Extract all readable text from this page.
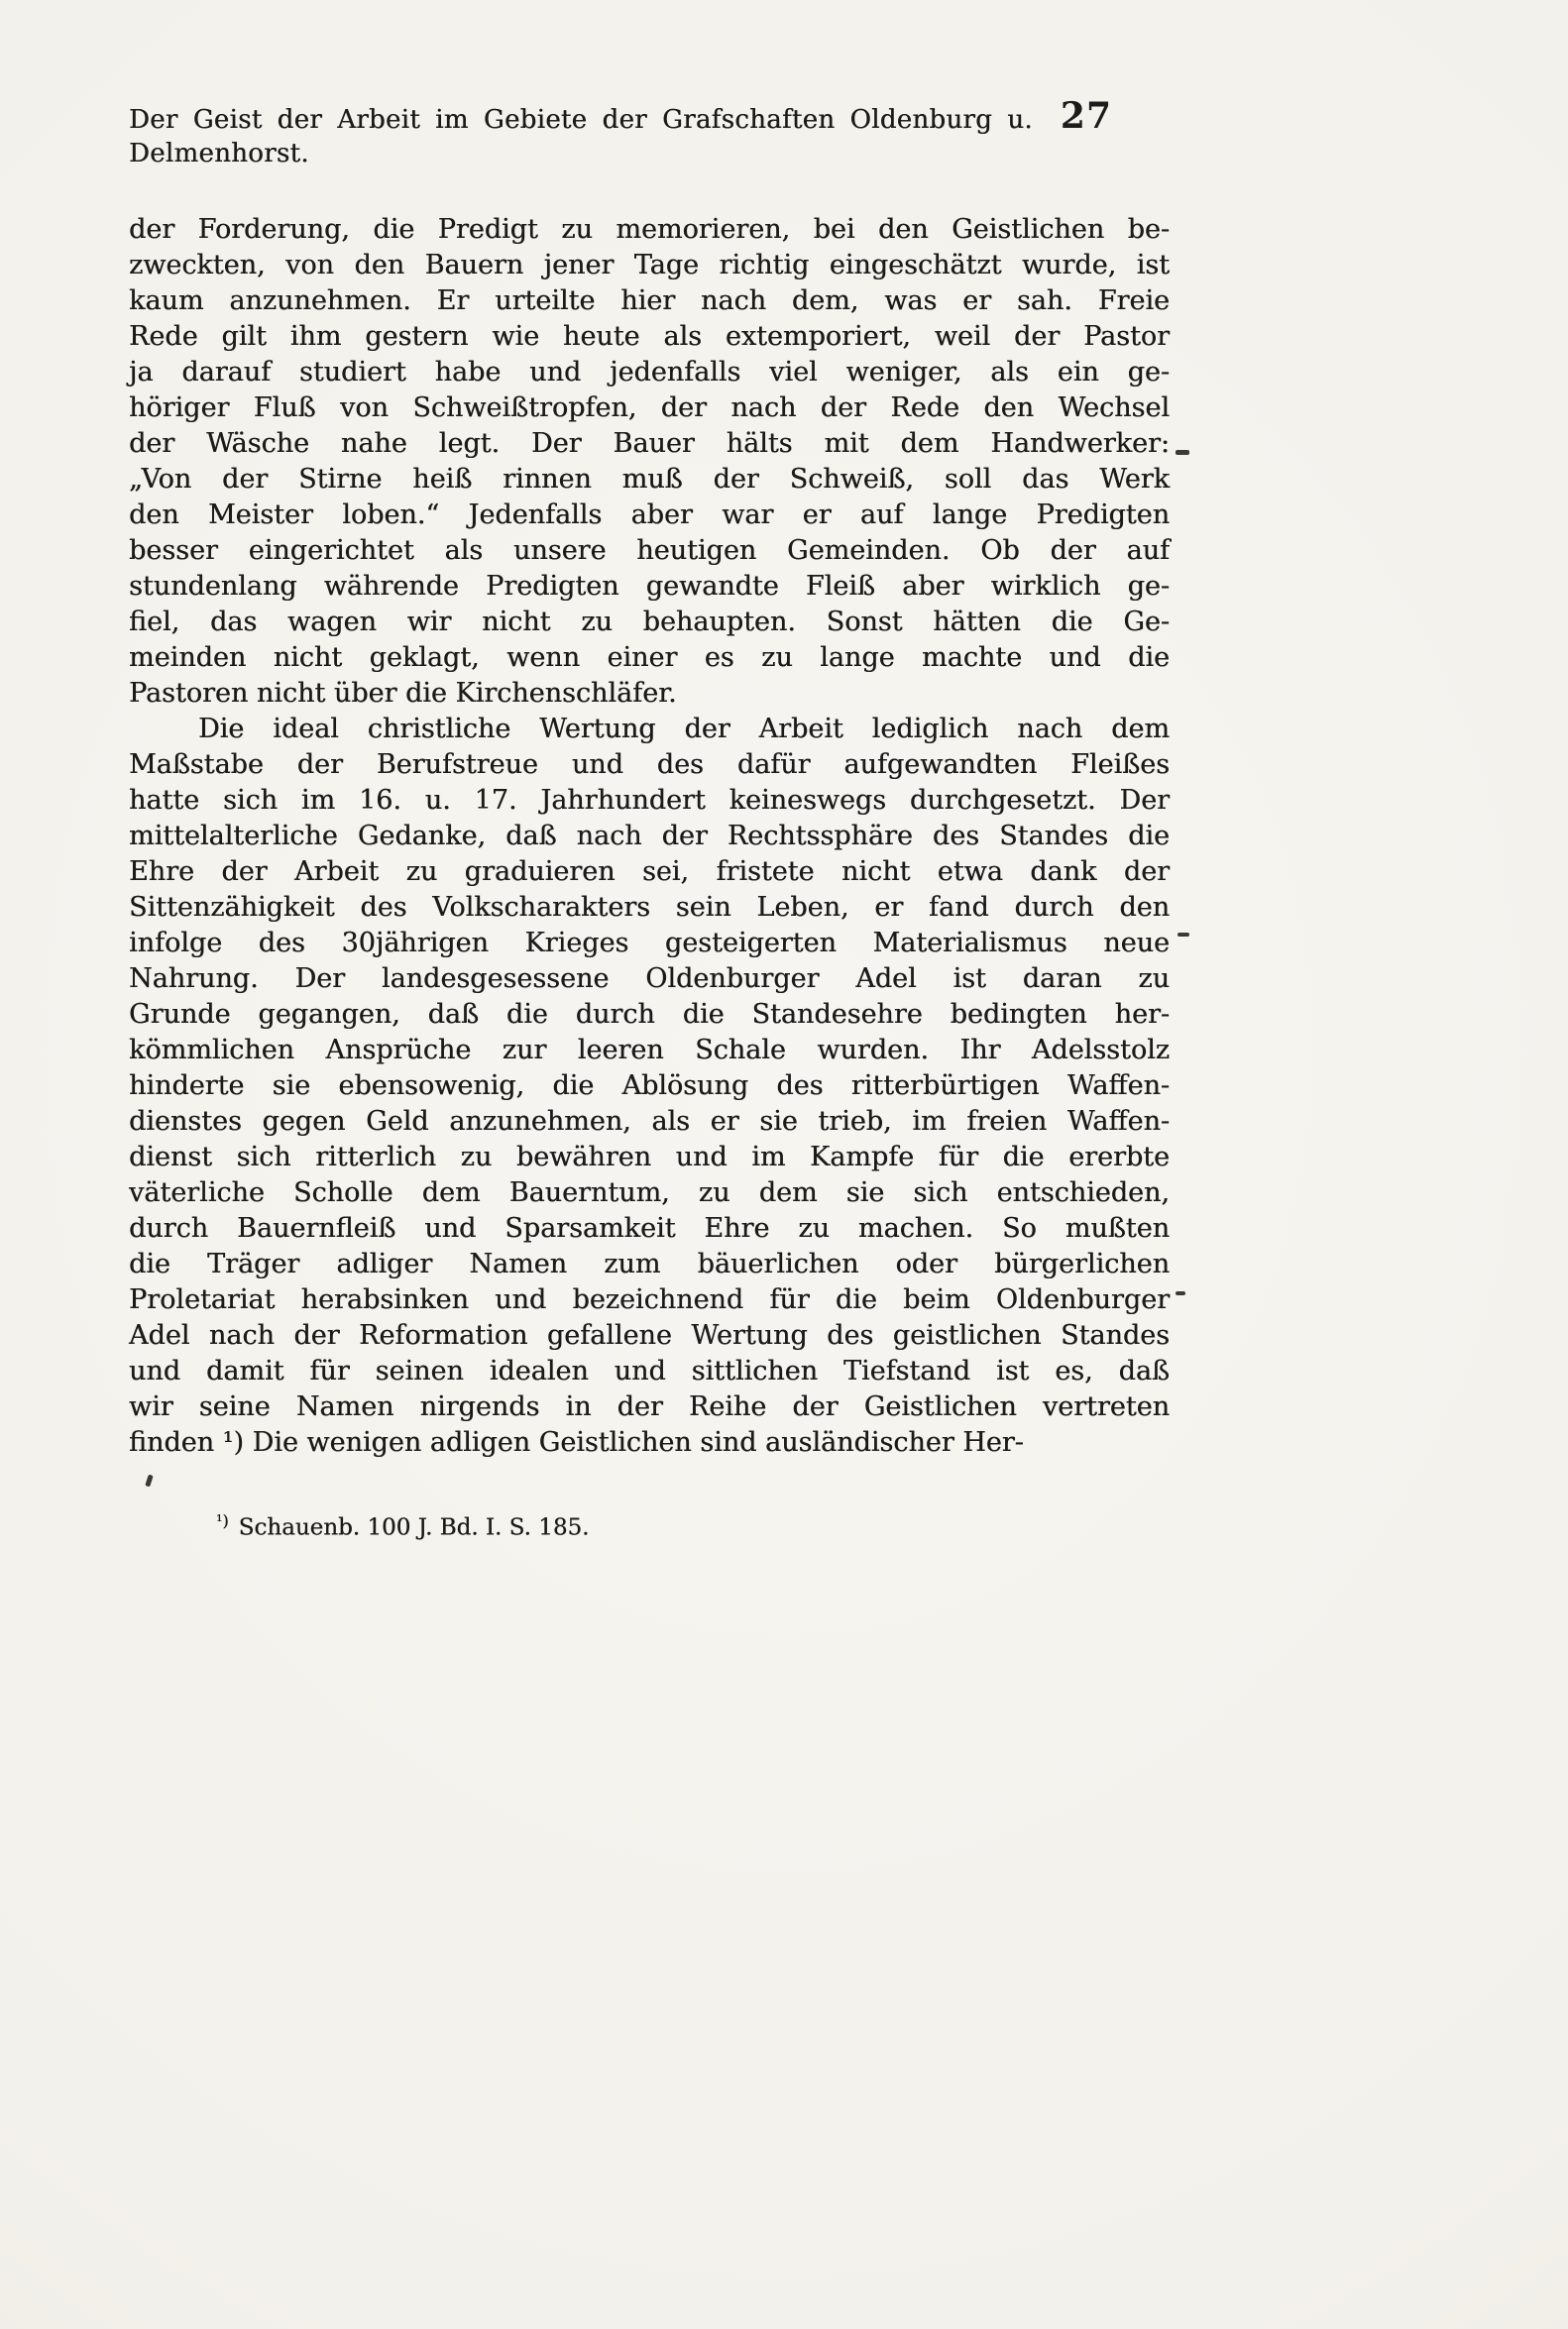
Der Geist der Arbeit im Gebiete der Grafschaften Oldenburg u. Delmenhorst.
27
der Forderung, die Predigt zu memorieren, bei den Geistlichen be-
zweckten, von den Bauern jener Tage richtig eingeschätzt wurde, ist
kaum anzunehmen. Er urteilte hier nach dem, was er sah. Freie
Rede gilt ihm gestern wie heute als extemporiert, weil der Pastor
ja darauf studiert habe und jedenfalls viel weniger, als ein ge-
höriger Fluß von Schweißtropfen, der nach der Rede den Wechsel
der Wäsche nahe legt. Der Bauer hälts mit dem Handwerker:
„Von der Stirne heiß rinnen muß der Schweiß, soll das Werk
den Meister loben.“ Jedenfalls aber war er auf lange Predigten
besser eingerichtet als unsere heutigen Gemeinden. Ob der auf
stundenlang währende Predigten gewandte Fleiß aber wirklich ge-
fiel, das wagen wir nicht zu behaupten. Sonst hätten die Ge-
meinden nicht geklagt, wenn einer es zu lange machte und die
Pastoren nicht über die Kirchenschläfer.
Die ideal christliche Wertung der Arbeit lediglich nach dem
Maßstabe der Berufstreue und des dafür aufgewandten Fleißes
hatte sich im 16. u. 17. Jahrhundert keineswegs durchgesetzt. Der
mittelalterliche Gedanke, daß nach der Rechtssphäre des Standes die
Ehre der Arbeit zu graduieren sei, fristete nicht etwa dank der
Sittenzähigkeit des Volkscharakters sein Leben, er fand durch den
infolge des 30jährigen Krieges gesteigerten Materialismus neue
Nahrung. Der landesgesessene Oldenburger Adel ist daran zu
Grunde gegangen, daß die durch die Standesehre bedingten her-
kömmlichen Ansprüche zur leeren Schale wurden. Ihr Adelsstolz
hinderte sie ebensowenig, die Ablösung des ritterbürtigen Waffen-
dienstes gegen Geld anzunehmen, als er sie trieb, im freien Waffen-
dienst sich ritterlich zu bewähren und im Kampfe für die ererbte
väterliche Scholle dem Bauerntum, zu dem sie sich entschieden,
durch Bauernfleiß und Sparsamkeit Ehre zu machen. So mußten
die Träger adliger Namen zum bäuerlichen oder bürgerlichen
Proletariat herabsinken und bezeichnend für die beim Oldenburger
Adel nach der Reformation gefallene Wertung des geistlichen Standes
und damit für seinen idealen und sittlichen Tiefstand ist es, daß
wir seine Namen nirgends in der Reihe der Geistlichen vertreten
finden ¹) Die wenigen adligen Geistlichen sind ausländischer Her-
$^{^1)}$ Schauenb. 100 J. Bd. I. S. 185.
